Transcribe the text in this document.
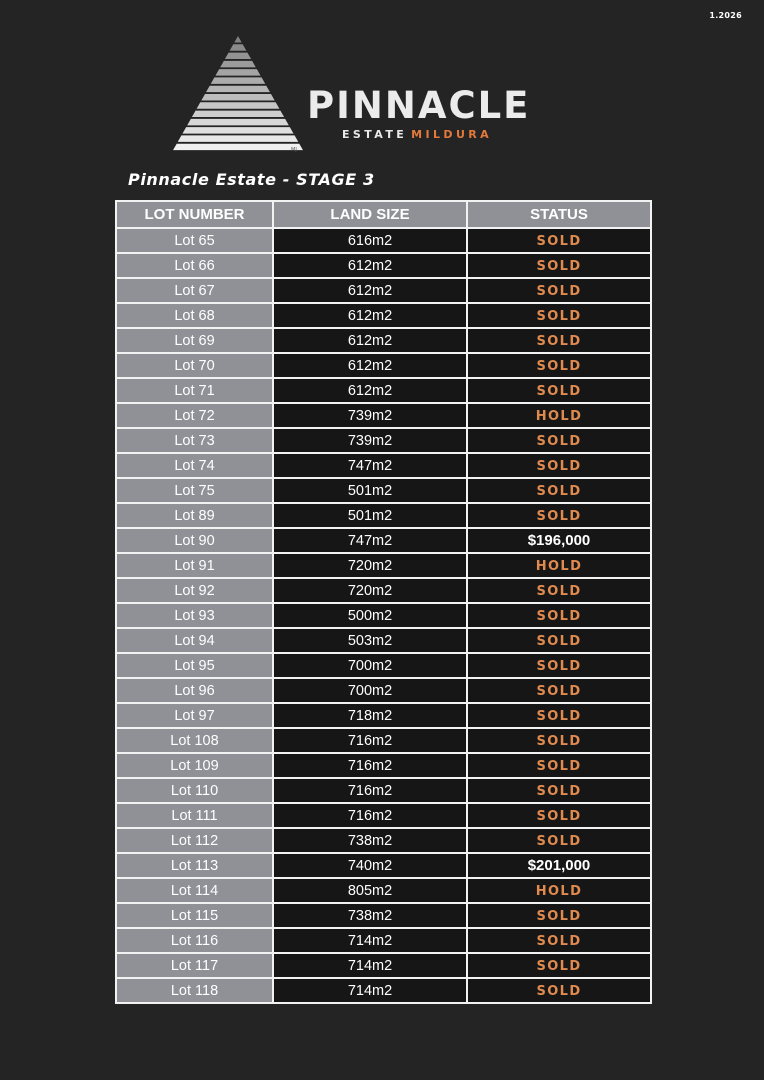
1.2026
MJ
PINNACLE
ESTATE MILDURA
Pinnacle Estate - STAGE 3
LOT NUMBER	LAND SIZE	STATUS
Lot 65	616m2	SOLD
Lot 66	612m2	SOLD
Lot 67	612m2	SOLD
Lot 68	612m2	SOLD
Lot 69	612m2	SOLD
Lot 70	612m2	SOLD
Lot 71	612m2	SOLD
Lot 72	739m2	HOLD
Lot 73	739m2	SOLD
Lot 74	747m2	SOLD
Lot 75	501m2	SOLD
Lot 89	501m2	SOLD
Lot 90	747m2	$196,000
Lot 91	720m2	HOLD
Lot 92	720m2	SOLD
Lot 93	500m2	SOLD
Lot 94	503m2	SOLD
Lot 95	700m2	SOLD
Lot 96	700m2	SOLD
Lot 97	718m2	SOLD
Lot 108	716m2	SOLD
Lot 109	716m2	SOLD
Lot 110	716m2	SOLD
Lot 111	716m2	SOLD
Lot 112	738m2	SOLD
Lot 113	740m2	$201,000
Lot 114	805m2	HOLD
Lot 115	738m2	SOLD
Lot 116	714m2	SOLD
Lot 117	714m2	SOLD
Lot 118	714m2	SOLD
